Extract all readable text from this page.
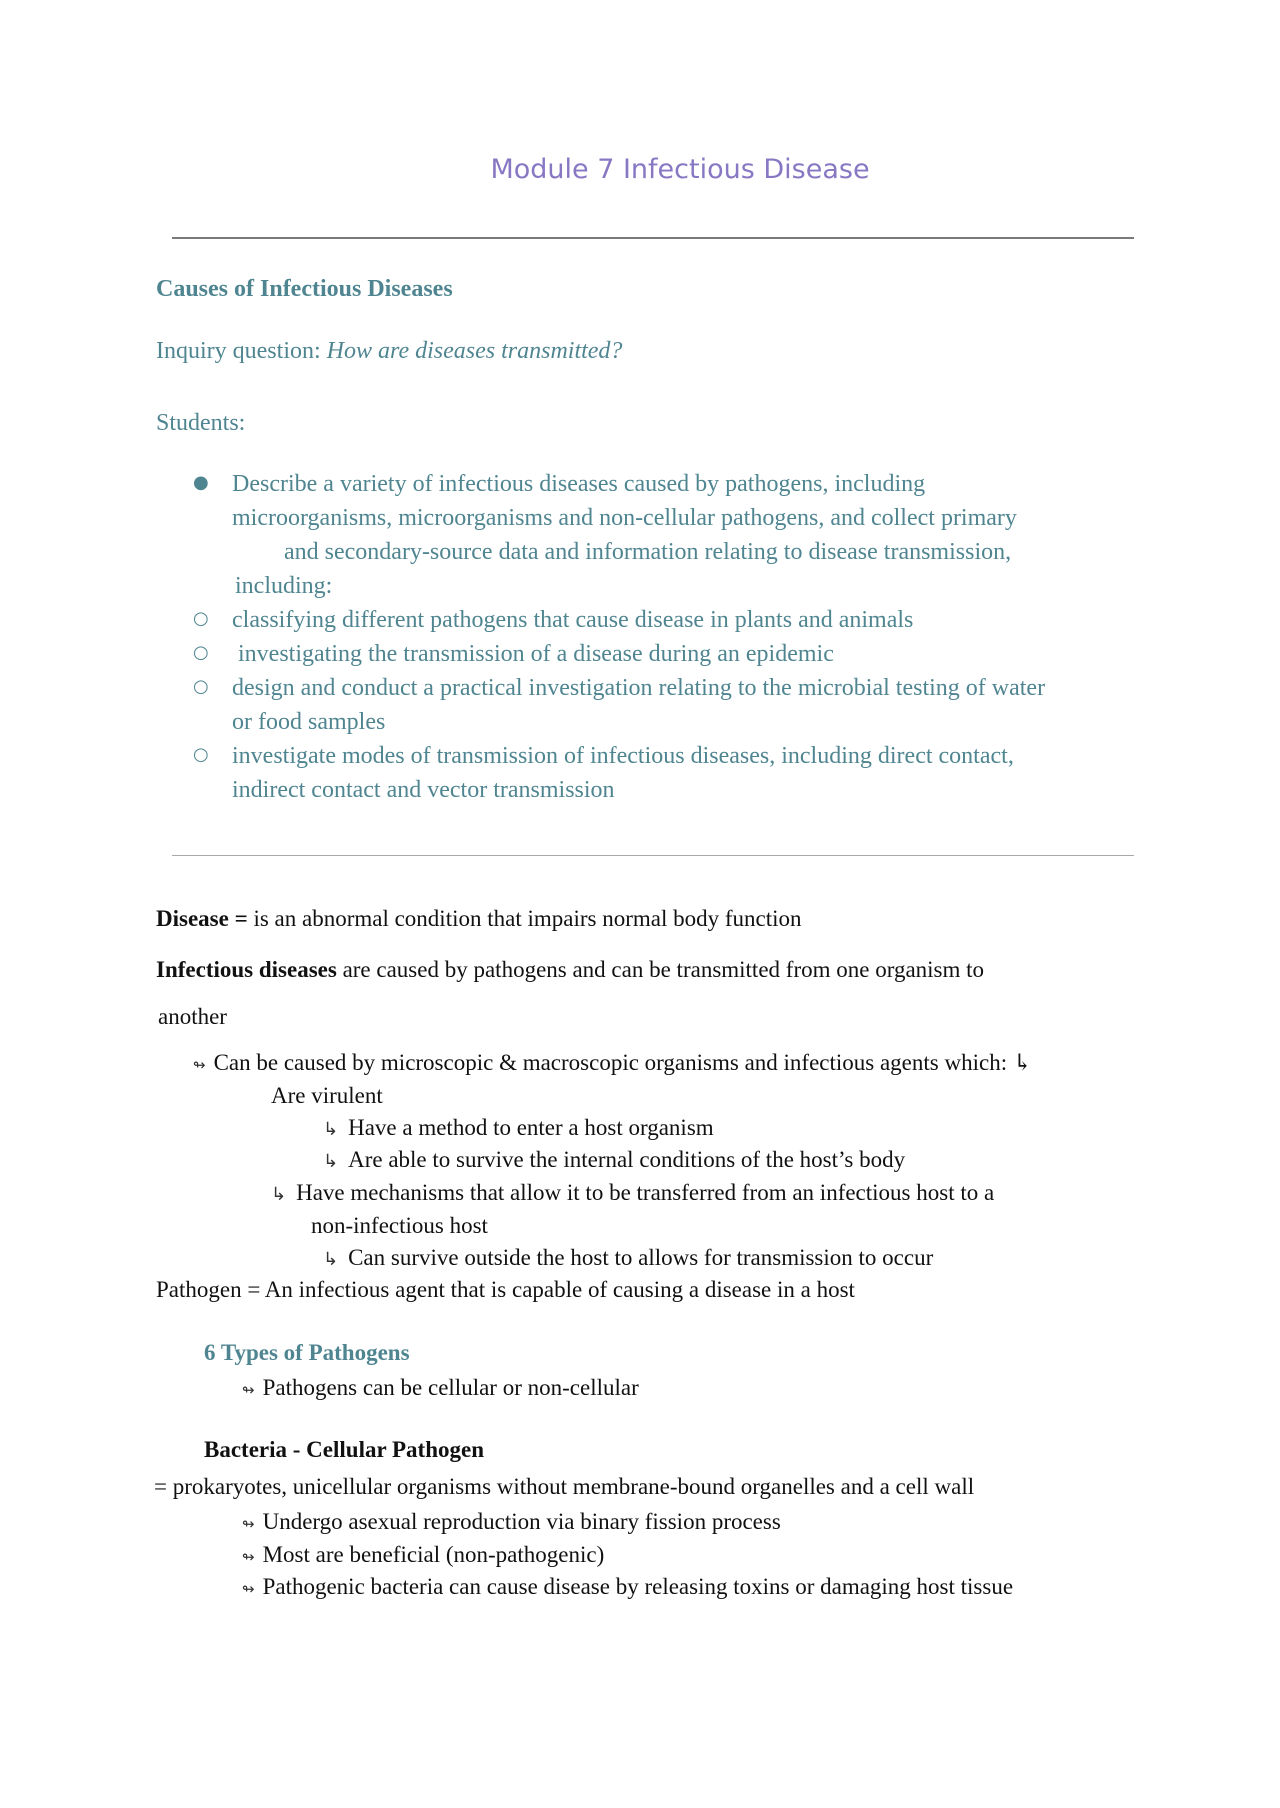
Module 7 Infectious Disease
Causes of Infectious Diseases
Inquiry question: How are diseases transmitted?
Students:
● Describe a variety of infectious diseases caused by pathogens, including
microorganisms, microorganisms and non-cellular pathogens, and collect primary
and secondary-source data and information relating to disease transmission,
including:
○ classifying different pathogens that cause disease in plants and animals
○ investigating the transmission of a disease during an epidemic
○ design and conduct a practical investigation relating to the microbial testing of water
or food samples
○ investigate modes of transmission of infectious diseases, including direct contact,
indirect contact and vector transmission
Disease = is an abnormal condition that impairs normal body function
Infectious diseases are caused by pathogens and can be transmitted from one organism to
another
↬ Can be caused by microscopic & macroscopic organisms and infectious agents which: ↳
Are virulent
↳ Have a method to enter a host organism
↳ Are able to survive the internal conditions of the host’s body
↳ Have mechanisms that allow it to be transferred from an infectious host to a
non-infectious host
↳ Can survive outside the host to allows for transmission to occur
Pathogen = An infectious agent that is capable of causing a disease in a host
6 Types of Pathogens
↬ Pathogens can be cellular or non-cellular
Bacteria - Cellular Pathogen
= prokaryotes, unicellular organisms without membrane-bound organelles and a cell wall
↬ Undergo asexual reproduction via binary fission process
↬ Most are beneficial (non-pathogenic)
↬ Pathogenic bacteria can cause disease by releasing toxins or damaging host tissue
